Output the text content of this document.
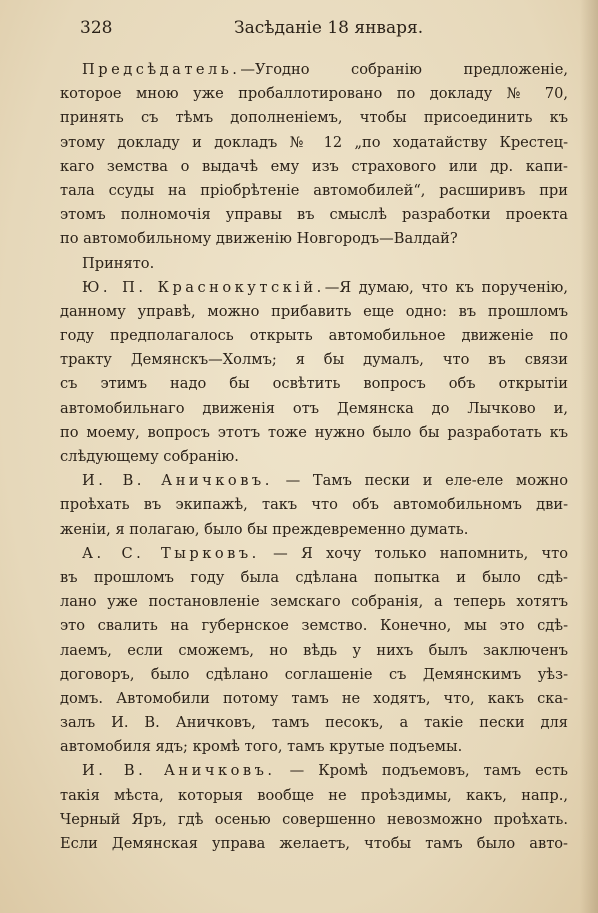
328	Засѣданіе 18 января.
Предсѣдатель.—Угодно собранію предложеніе,
которое мною уже пробаллотировано по докладу № 70,
принять съ тѣмъ дополненіемъ, чтобы присоединить къ
этому докладу и докладъ № 12 „по ходатайству Крестец-
каго земства о выдачѣ ему изъ страхового или др. капи-
тала ссуды на пріобрѣтеніе автомобилей“, расширивъ при
этомъ полномочія управы въ смыслѣ разработки проекта
по автомобильному движенію Новгородъ—Валдай?
Принято.
Ю. П. Краснокутскій.—Я думаю, что къ порученію,
данному управѣ, можно прибавить еще одно: въ прошломъ
году предполагалось открыть автомобильное движеніе по
тракту Демянскъ—Холмъ; я бы думалъ, что въ связи
съ этимъ надо бы освѣтить вопросъ объ открытіи
автомобильнаго движенія отъ Демянска до Лычково и,
по моему, вопросъ этотъ тоже нужно было бы разработать къ
слѣдующему собранію.
И. В. Аничковъ. — Тамъ пески и еле-еле можно
проѣхать въ экипажѣ, такъ что объ автомобильномъ дви-
женіи, я полагаю, было бы преждевременно думать.
А. С. Тырковъ. — Я хочу только напомнить, что
въ прошломъ году была сдѣлана попытка и было сдѣ-
лано уже постановленіе земскаго собранія, а теперь хотятъ
это свалить на губернское земство. Конечно, мы это сдѣ-
лаемъ, если сможемъ, но вѣдь у нихъ былъ заключенъ
договоръ, было сдѣлано соглашеніе съ Демянскимъ уѣз-
домъ. Автомобили потому тамъ не ходятъ, что, какъ ска-
залъ И. В. Аничковъ, тамъ песокъ, а такіе пески для
автомобиля ядъ; кромѣ того, тамъ крутые подъемы.
И. В. Аничковъ. — Кромѣ подъемовъ, тамъ есть
такія мѣста, которыя вообще не проѣздимы, какъ, напр.,
Черный Яръ, гдѣ осенью совершенно невозможно проѣхать.
Если Демянская управа желаетъ, чтобы тамъ было авто-
